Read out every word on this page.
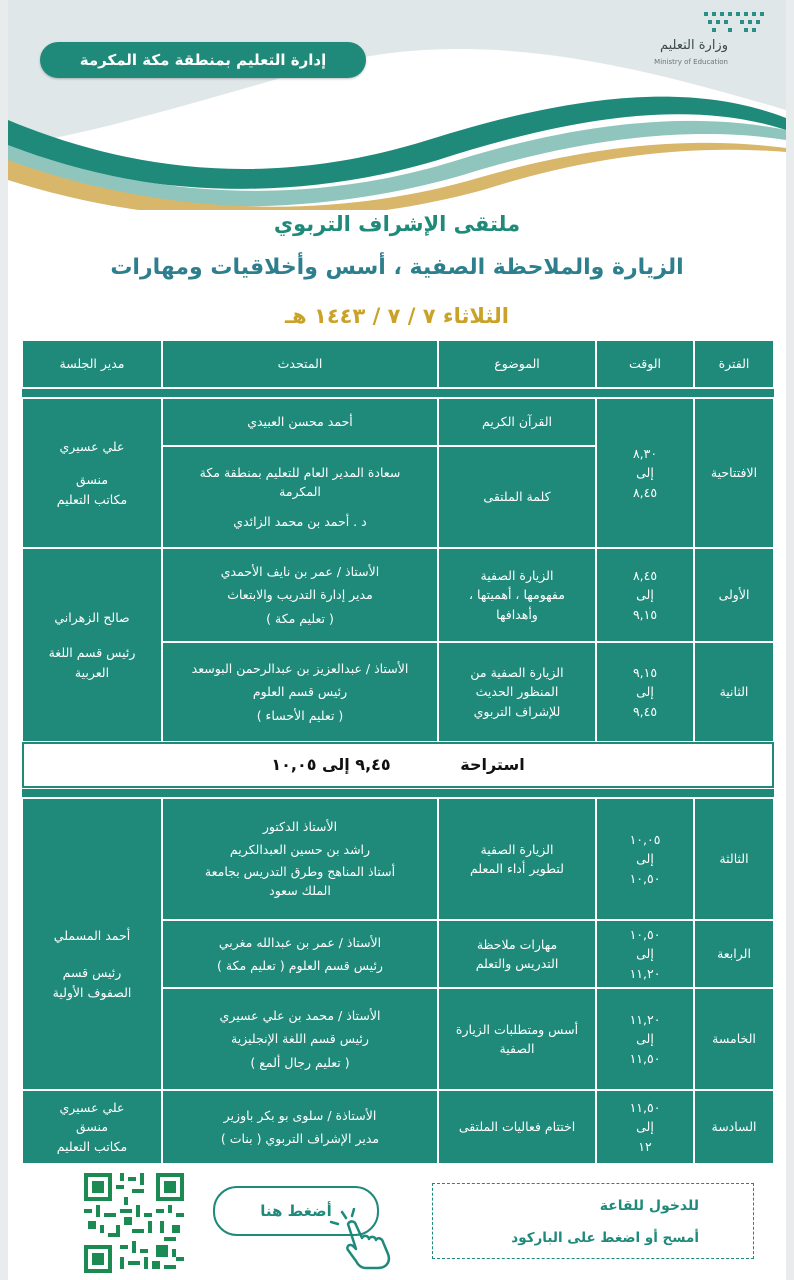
وزارة التعليم
Ministry of Education
إدارة التعليم بمنطقة مكة المكرمة
ملتقى الإشراف التربوي
الزيارة والملاحظة الصفية ، أسس وأخلاقيات ومهارات
الثلاثاء ٧ / ٧ / ١٤٤٣ هـ
الفترة	الوقت	الموضوع	المتحدث	مدير الجلسة

الافتتاحية	٨,٣٠
إلى
٨,٤٥	القرآن الكريم	أحمد محسن العبيدي	علي عسيري
منسق
مكاتب التعليم

		كلمة الملتقى	سعادة المدير العام للتعليم بمنطقة مكة
المكرمة
د . أحمد بن محمد الزائدي	

الأولى	٨,٤٥
إلى
٩,١٥	الزيارة الصفية
مفهومها ، أهميتها ،
وأهدافها	الأستاذ / عمر بن نايف الأحمدي
مدير إدارة التدريب والابتعاث
( تعليم مكة )	صالح الزهراني
رئيس قسم اللغة
العربية

الثانية	٩,١٥
إلى
٩,٤٥	الزيارة الصفية من
المنظور الحديث
للإشراف التربوي	الأستاذ / عبدالعزيز بن عبدالرحمن البوسعد
رئيس قسم العلوم
( تعليم الأحساء )	

استراحة ٩,٤٥ إلى ١٠,٠٥				

الثالثة	١٠,٠٥
إلى
١٠,٥٠	الزيارة الصفية
لتطوير أداء المعلم	الأستاذ الدكتور
راشد بن حسين العبدالكريم
أستاذ المناهج وطرق التدريس بجامعة
الملك سعود	أحمد المسملي
رئيس قسم
الصفوف الأولية

الرابعة	١٠,٥٠
إلى
١١,٢٠	مهارات ملاحظة
التدريس والتعلم	الأستاذ / عمر بن عبدالله مغربي
رئيس قسم العلوم ( تعليم مكة )	

الخامسة	١١,٢٠
إلى
١١,٥٠	أسس ومتطلبات الزيارة
الصفية	الأستاذ / محمد بن علي عسيري
رئيس قسم اللغة الإنجليزية
( تعليم رجال ألمع )	

السادسة	١١,٥٠
إلى
١٢	اختتام فعاليات الملتقى	الأستاذة / سلوى بو بكر باوزير
مدير الإشراف التربوي ( بنات )	علي عسيري
منسق
مكاتب التعليم
للدخول للقاعة
أمسح أو اضغط على الباركود
أضغط هنا
